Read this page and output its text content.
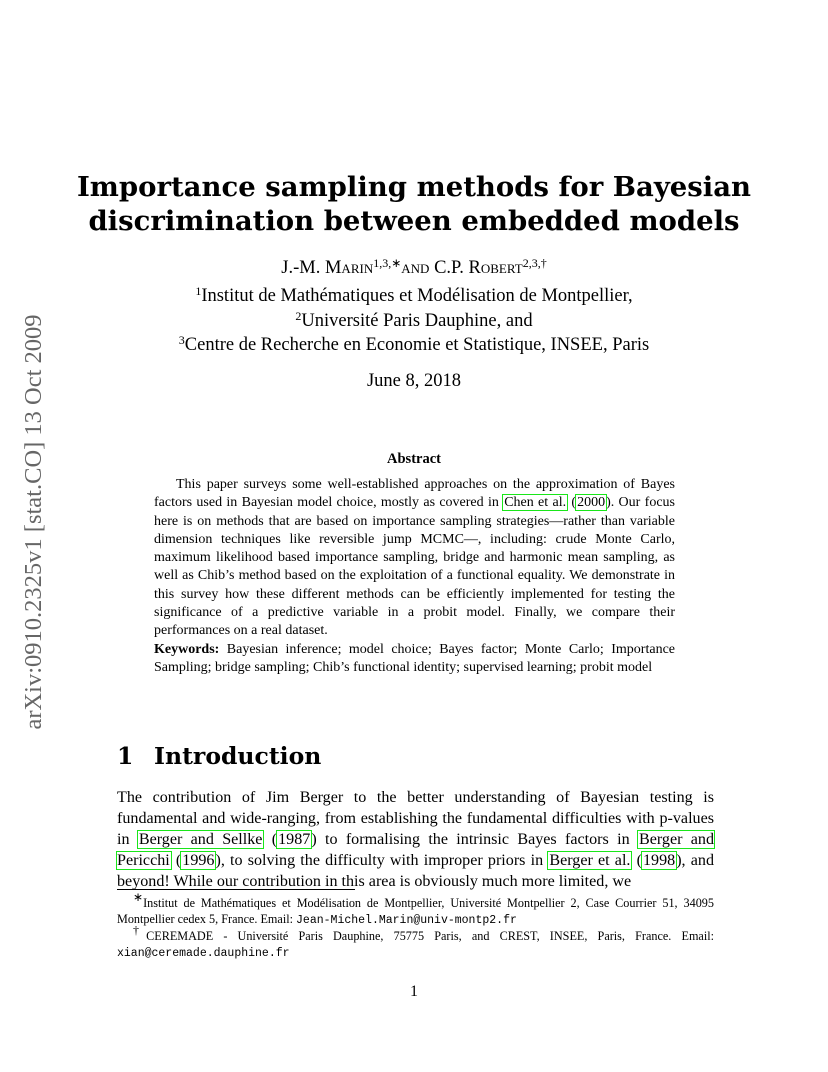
arXiv:0910.2325v1 [stat.CO] 13 Oct 2009
Importance sampling methods for Bayesian
discrimination between embedded models
J.-M. Marin$^{1,3,∗}$and C.P. Robert$^{2,3,\dagger}$
$^1$Institut de Mathématiques et Modélisation de Montpellier,
$^2$Université Paris Dauphine, and
$^3$Centre de Recherche en Economie et Statistique, INSEE, Paris
June 8, 2018
Abstract

This paper surveys some well-established approaches on the approximation of Bayes factors used in Bayesian model choice, mostly as covered in Chen et al. (2000). Our focus here is on methods that are based on importance sampling strategies—rather than variable dimension techniques like reversible jump MCMC—, including: crude Monte Carlo, maximum likelihood based importance sampling, bridge and harmonic mean sampling, as well as Chib’s method based on the exploitation of a functional equality. We demonstrate in this survey how these different methods can be efficiently implemented for testing the significance of a predictive variable in a probit model. Finally, we compare their performances on a real dataset.

Keywords: Bayesian inference; model choice; Bayes factor; Monte Carlo; Importance Sampling; bridge sampling; Chib’s functional identity; supervised learning; probit model

1 Introduction

The contribution of Jim Berger to the better understanding of Bayesian testing is fundamental and wide-ranging, from establishing the fundamental difficulties with p-values in Berger and Sellke (1987) to formalising the intrinsic Bayes factors in Berger and Pericchi (1996), to solving the difficulty with improper priors in Berger et al. (1998), and beyond! While our contribution in this area is obviously much more limited, we

∗Institut de Mathématiques et Modélisation de Montpellier, Université Montpellier 2, Case Courrier 51, 34095 Montpellier cedex 5, France. Email: Jean-Michel.Marin@univ-montp2.fr

†CEREMADE - Université Paris Dauphine, 75775 Paris, and CREST, INSEE, Paris, France. Email: xian@ceremade.dauphine.fr

1
